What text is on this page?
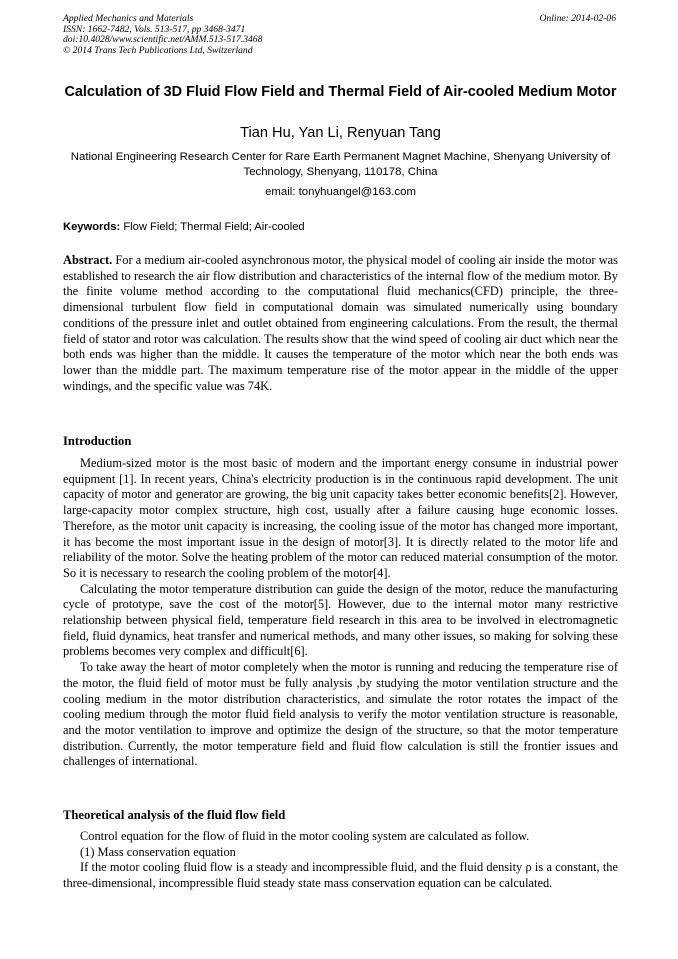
Applied Mechanics and Materials
ISSN: 1662-7482, Vols. 513-517, pp 3468-3471
doi:10.4028/www.scientific.net/AMM.513-517.3468
© 2014 Trans Tech Publications Ltd, Switzerland
Online: 2014-02-06
Calculation of 3D Fluid Flow Field and Thermal Field of Air-cooled Medium Motor
Tian Hu, Yan Li, Renyuan Tang
National Engineering Research Center for Rare Earth Permanent Magnet Machine, Shenyang University of Technology, Shenyang, 110178, China
email: tonyhuangel@163.com
Keywords: Flow Field; Thermal Field; Air-cooled
Abstract. For a medium air-cooled asynchronous motor, the physical model of cooling air inside the motor was established to research the air flow distribution and characteristics of the internal flow of the medium motor. By the finite volume method according to the computational fluid mechanics(CFD) principle, the three-dimensional turbulent flow field in computational domain was simulated numerically using boundary conditions of the pressure inlet and outlet obtained from engineering calculations. From the result, the thermal field of stator and rotor was calculation. The results show that the wind speed of cooling air duct which near the both ends was higher than the middle. It causes the temperature of the motor which near the both ends was lower than the middle part. The maximum temperature rise of the motor appear in the middle of the upper windings, and the specific value was 74K.
Introduction

Medium-sized motor is the most basic of modern and the important energy consume in industrial power equipment [1]. In recent years, China's electricity production is in the continuous rapid development. The unit capacity of motor and generator are growing, the big unit capacity takes better economic benefits[2]. However, large-capacity motor complex structure, high cost, usually after a failure causing huge economic losses. Therefore, as the motor unit capacity is increasing, the cooling issue of the motor has changed more important, it has become the most important issue in the design of motor[3]. It is directly related to the motor life and reliability of the motor. Solve the heating problem of the motor can reduced material consumption of the motor. So it is necessary to research the cooling problem of the motor[4].

Calculating the motor temperature distribution can guide the design of the motor, reduce the manufacturing cycle of prototype, save the cost of the motor[5]. However, due to the internal motor many restrictive relationship between physical field, temperature field research in this area to be involved in electromagnetic field, fluid dynamics, heat transfer and numerical methods, and many other issues, so making for solving these problems becomes very complex and difficult[6].

To take away the heart of motor completely when the motor is running and reducing the temperature rise of the motor, the fluid field of motor must be fully analysis ,by studying the motor ventilation structure and the cooling medium in the motor distribution characteristics, and simulate the rotor rotates the impact of the cooling medium through the motor fluid field analysis to verify the motor ventilation structure is reasonable, and the motor ventilation to improve and optimize the design of the structure, so that the motor temperature distribution. Currently, the motor temperature field and fluid flow calculation is still the frontier issues and challenges of international.

Theoretical analysis of the fluid flow field

Control equation for the flow of fluid in the motor cooling system are calculated as follow.

(1) Mass conservation equation

If the motor cooling fluid flow is a steady and incompressible fluid, and the fluid density ρ is a constant, the three-dimensional, incompressible fluid steady state mass conservation equation can be calculated.
